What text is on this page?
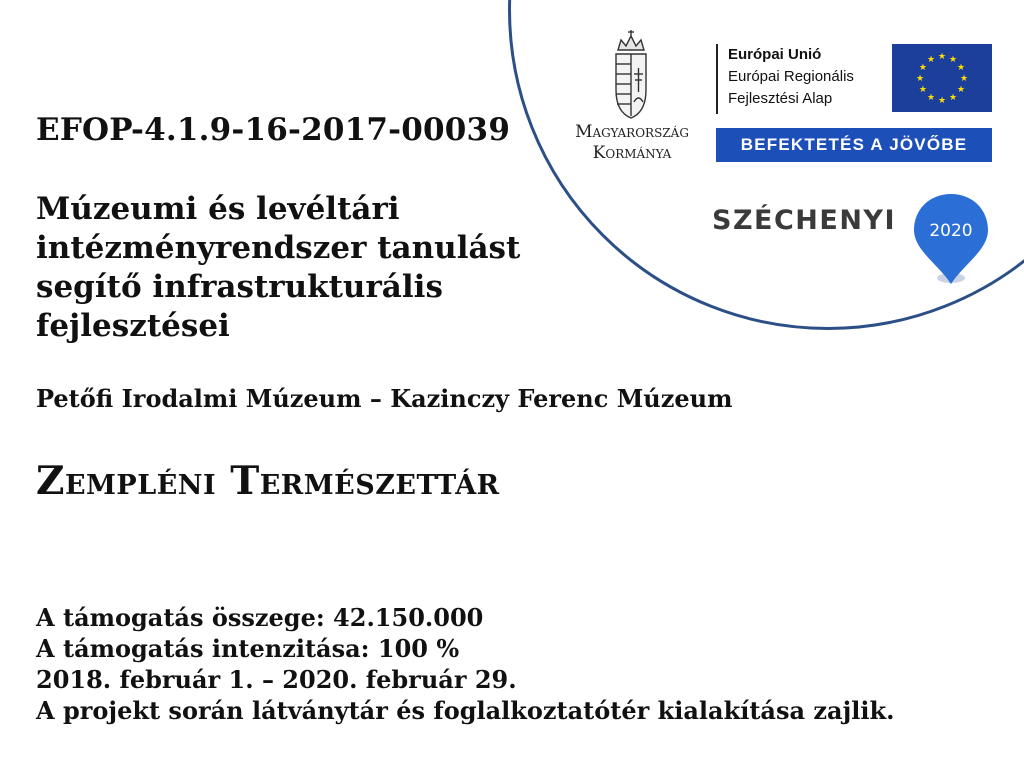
Magyarország
Kormánya
Európai Unió
Európai Regionális
Fejlesztési Alap
★ ★
★
★
★
★
★
★
★
★
★
★
BEFEKTETÉS A JÖVŐBE
SZÉCHENYI 2020
EFOP-4.1.9-16-2017-00039
Múzeumi és levéltári intézményrendszer tanulást segítő infrastrukturális fejlesztései
Petőfi Irodalmi Múzeum – Kazinczy Ferenc Múzeum
Zempléni Természettár
A támogatás összege: 42.150.000
A támogatás intenzitása: 100 %
2018. február 1. – 2020. február 29.
A projekt során látványtár és foglalkoztatótér kialakítása zajlik.
